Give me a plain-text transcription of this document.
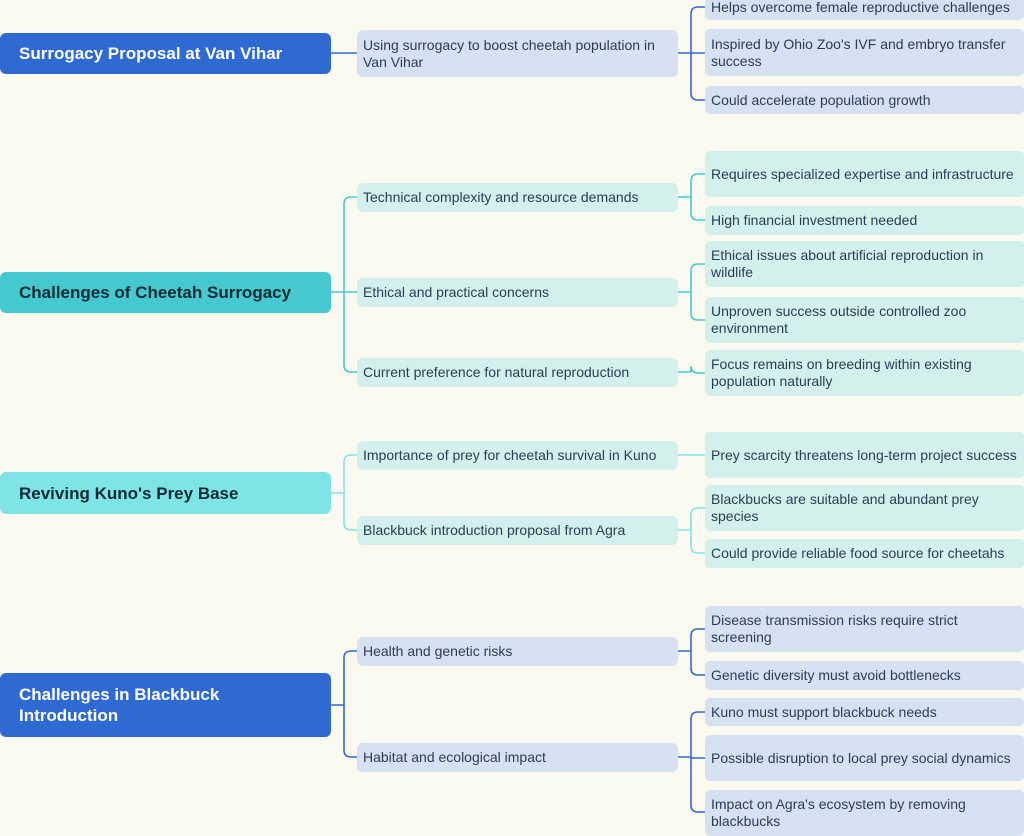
Surrogacy Proposal at Van Vihar	Using surrogacy to boost cheetah population in Van Vihar
Helps overcome female reproductive challenges
Inspired by Ohio Zoo's IVF and embryo transfer success
Could accelerate population growth
Challenges of Cheetah Surrogacy
Technical complexity and resource demands
Ethical and practical concerns
Current preference for natural reproduction
Requires specialized expertise and infrastructure
High financial investment needed
Ethical issues about artificial reproduction in wildlife
Unproven success outside controlled zoo environment
Focus remains on breeding within existing population naturally
Reviving Kuno's Prey Base
Importance of prey for cheetah survival in Kuno
Blackbuck introduction proposal from Agra
Prey scarcity threatens long-term project success
Blackbucks are suitable and abundant prey species
Could provide reliable food source for cheetahs
Challenges in Blackbuck Introduction
Health and genetic risks
Habitat and ecological impact
Disease transmission risks require strict screening
Genetic diversity must avoid bottlenecks
Kuno must support blackbuck needs
Possible disruption to local prey social dynamics
Impact on Agra's ecosystem by removing blackbucks
